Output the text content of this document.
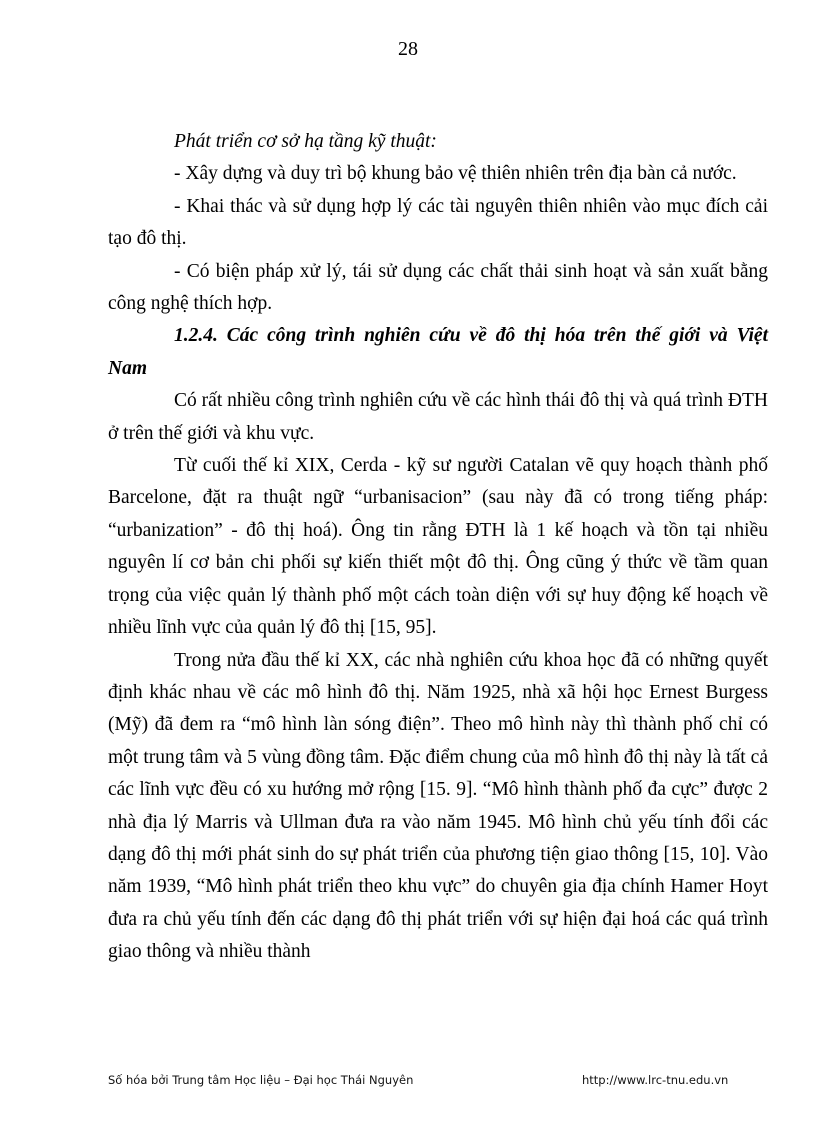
28

Phát triển cơ sở hạ tầng kỹ thuật:

- Xây dựng và duy trì bộ khung bảo vệ thiên nhiên trên địa bàn cả nước.

- Khai thác và sử dụng hợp lý các tài nguyên thiên nhiên vào mục đích cải tạo đô thị.

- Có biện pháp xử lý, tái sử dụng các chất thải sinh hoạt và sản xuất bằng công nghệ thích hợp.

1.2.4. Các công trình nghiên cứu về đô thị hóa trên thế giới và Việt Nam

Có rất nhiều công trình nghiên cứu về các hình thái đô thị và quá trình ĐTH ở trên thế giới và khu vực.

Từ cuối thế kỉ XIX, Cerda - kỹ sư người Catalan vẽ quy hoạch thành phố Barcelone, đặt ra thuật ngữ “urbanisacion” (sau này đã có trong tiếng pháp: “urbanization” - đô thị hoá). Ông tin rằng ĐTH là 1 kế hoạch và tồn tại nhiều nguyên lí cơ bản chi phối sự kiến thiết một đô thị. Ông cũng ý thức về tầm quan trọng của việc quản lý thành phố một cách toàn diện với sự huy động kế hoạch về nhiều lĩnh vực của quản lý đô thị [15, 95].

Trong nửa đầu thế kỉ XX, các nhà nghiên cứu khoa học đã có những quyết định khác nhau về các mô hình đô thị. Năm 1925, nhà xã hội học Ernest Burgess (Mỹ) đã đem ra “mô hình làn sóng điện”. Theo mô hình này thì thành phố chỉ có một trung tâm và 5 vùng đồng tâm. Đặc điểm chung của mô hình đô thị này là tất cả các lĩnh vực đều có xu hướng mở rộng [15. 9]. “Mô hình thành phố đa cực” được 2 nhà địa lý Marris và Ullman đưa ra vào năm 1945. Mô hình chủ yếu tính đổi các dạng đô thị mới phát sinh do sự phát triển của phương tiện giao thông [15, 10]. Vào năm 1939, “Mô hình phát triển theo khu vực” do chuyên gia địa chính Hamer Hoyt đưa ra chủ yếu tính đến các dạng đô thị phát triển với sự hiện đại hoá các quá trình giao thông và nhiều thành

Số hóa bởi Trung tâm Học liệu – Đại học Thái Nguyên	http://www.lrc-tnu.edu.vn
